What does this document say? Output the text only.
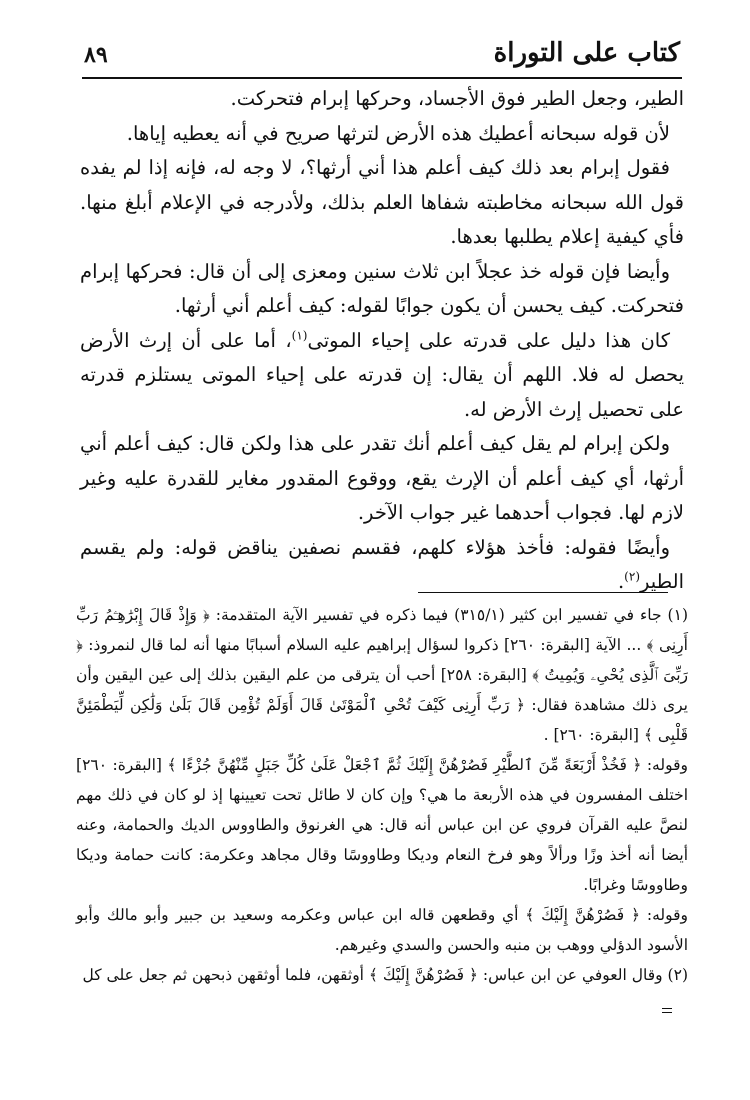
٨٩	كتاب على التوراة

الطير، وجعل الطير فوق الأجساد، وحركها إبرام فتحركت.

لأن قوله سبحانه أعطيك هذه الأرض لترثها صريح في أنه يعطيه إياها.

فقول إبرام بعد ذلك كيف أعلم هذا أني أرثها؟، لا وجه له، فإنه إذا لم يفده قول الله سبحانه مخاطبته شفاها العلم بذلك، ولأدرجه في الإعلام أبلغ منها. فأي كيفية إعلام يطلبها بعدها.

وأيضا فإن قوله خذ عجلاً ابن ثلاث سنين ومعزى إلى أن قال: فحركها إبرام فتحركت. كيف يحسن أن يكون جوابًا لقوله: كيف أعلم أني أرثها.

كان هذا دليل على قدرته على إحياء الموتى$^{(١)}$، أما على أن إرث الأرض يحصل له فلا. اللهم أن يقال: إن قدرته على إحياء الموتى يستلزم قدرته على تحصيل إرث الأرض له.

ولكن إبرام لم يقل كيف أعلم أنك تقدر على هذا ولكن قال: كيف أعلم أني أرثها، أي كيف أعلم أن الإرث يقع، ووقوع المقدور مغاير للقدرة عليه وغير لازم لها. فجواب أحدهما غير جواب الآخر.

وأيضًا فقوله: فأخذ هؤلاء كلهم، فقسم نصفين يناقض قوله: ولم يقسم الطير$^{(٢)}$.

(١) جاء في تفسير ابن كثير (٣١٥/١) فيما ذكره في تفسير الآية المتقدمة: ﴿ وَإِذْ قَالَ إِبْرَٰهِـۧمُ رَبِّ أَرِنِى ﴾ ... الآية [البقرة: ٢٦٠] ذكروا لسؤال إبراهيم عليه السلام أسبابًا منها أنه لما قال لنمروذ: ﴿ رَبِّىَ ٱلَّذِى يُحْىِۦ وَيُمِيتُ ﴾ [البقرة: ٢٥٨] أحب أن يترقى من علم اليقين بذلك إلى عين اليقين وأن يرى ذلك مشاهدة فقال: ﴿ رَبِّ أَرِنِى كَيْفَ تُحْىِ ٱلْمَوْتَىٰ قَالَ أَوَلَمْ تُؤْمِن قَالَ بَلَىٰ وَلَٰكِن لِّيَطْمَئِنَّ قَلْبِى ﴾ [البقرة: ٢٦٠] .

وقوله: ﴿ فَخُذْ أَرْبَعَةً مِّنَ ٱلطَّيْرِ فَصُرْهُنَّ إِلَيْكَ ثُمَّ ٱجْعَلْ عَلَىٰ كُلِّ جَبَلٍ مِّنْهُنَّ جُزْءًا ﴾ [البقرة: ٢٦٠] اختلف المفسرون في هذه الأربعة ما هي؟ وإن كان لا طائل تحت تعيينها إذ لو كان في ذلك مهم لنصَّ عليه القرآن فروي عن ابن عباس أنه قال: هي الغرنوق والطاووس الديك والحمامة، وعنه أيضا أنه أخذ وزًا ورألاً وهو فرخ النعام وديكا وطاووسًا وقال مجاهد وعكرمة: كانت حمامة وديكا وطاووسًا وغرابًا.

وقوله: ﴿ فَصُرْهُنَّ إِلَيْكَ ﴾ أي وقطعهن قاله ابن عباس وعكرمه وسعيد بن جبير وأبو مالك وأبو الأسود الدؤلي ووهب بن منبه والحسن والسدي وغيرهم.

(٢) وقال العوفي عن ابن عباس: ﴿ فَصُرْهُنَّ إِلَيْكَ ﴾ أوثقهن، فلما أوثقهن ذبحهن ثم جعل على كل
